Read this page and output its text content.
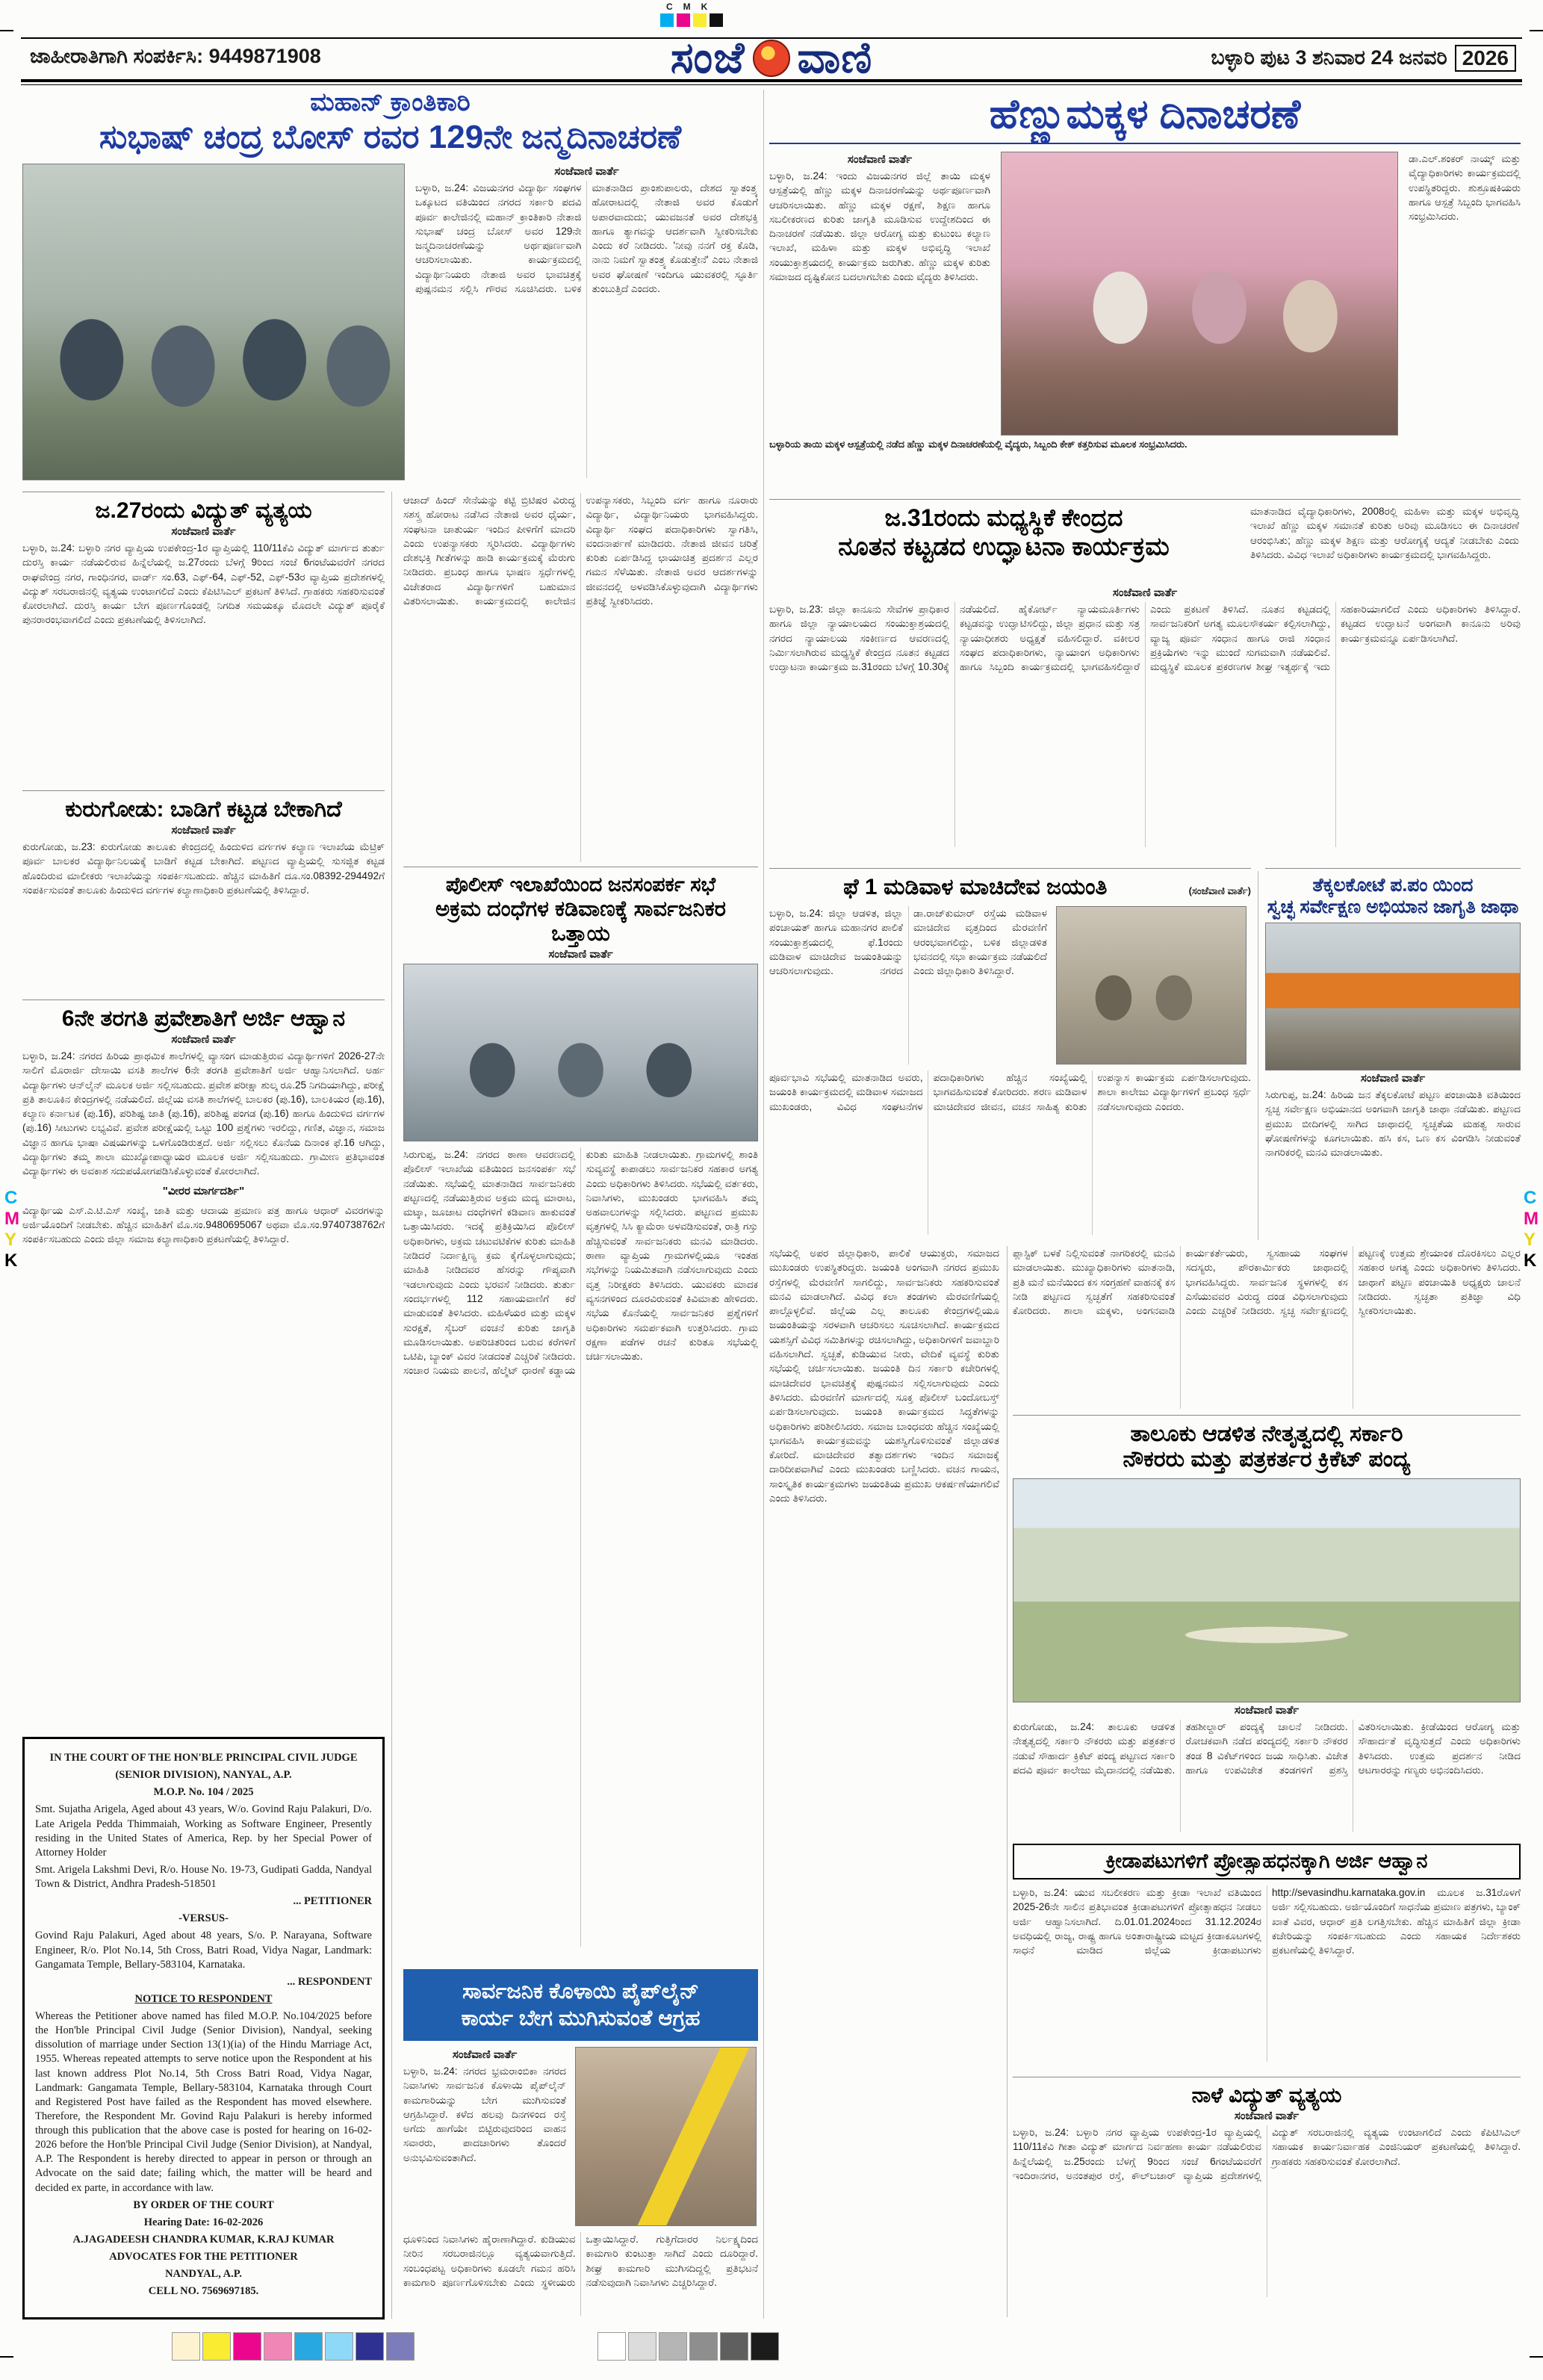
C M K
ಜಾಹೀರಾತಿಗಾಗಿ ಸಂಪರ್ಕಿಸಿ: 9449871908	ಸಂಜೆ ವಾಣಿ	ಬಳ್ಳಾರಿ ಪುಟ 3 ಶನಿವಾರ 24 ಜನವರಿ 2026
ಮಹಾನ್ ಕ್ರಾಂತಿಕಾರಿ
ಸುಭಾಷ್ ಚಂದ್ರ ಬೋಸ್ ರವರ 129ನೇ ಜನ್ಮದಿನಾಚರಣೆ
ಸಂಜೆವಾಣಿ ವಾರ್ತೆ
ಬಳ್ಳಾರಿ, ಜ.24: ವಿಜಯನಗರ ವಿದ್ಯಾರ್ಥಿ ಸಂಘಗಳ ಒಕ್ಕೂಟದ ವತಿಯಿಂದ ನಗರದ ಸರ್ಕಾರಿ ಪದವಿ ಪೂರ್ವ ಕಾಲೇಜಿನಲ್ಲಿ ಮಹಾನ್ ಕ್ರಾಂತಿಕಾರಿ ನೇತಾಜಿ ಸುಭಾಷ್ ಚಂದ್ರ ಬೋಸ್ ಅವರ 129ನೇ ಜನ್ಮದಿನಾಚರಣೆಯನ್ನು ಅರ್ಥಪೂರ್ಣವಾಗಿ ಆಚರಿಸಲಾಯಿತು. ಕಾರ್ಯಕ್ರಮದಲ್ಲಿ ವಿದ್ಯಾರ್ಥಿನಿಯರು ನೇತಾಜಿ ಅವರ ಭಾವಚಿತ್ರಕ್ಕೆ ಪುಷ್ಪನಮನ ಸಲ್ಲಿಸಿ ಗೌರವ ಸೂಚಿಸಿದರು. ಬಳಿಕ ಮಾತನಾಡಿದ ಪ್ರಾಂಶುಪಾಲರು, ದೇಶದ ಸ್ವಾತಂತ್ರ್ಯ ಹೋರಾಟದಲ್ಲಿ ನೇತಾಜಿ ಅವರ ಕೊಡುಗೆ ಅಪಾರವಾದುದು; ಯುವಜನತೆ ಅವರ ದೇಶಭಕ್ತಿ ಹಾಗೂ ತ್ಯಾಗವನ್ನು ಆದರ್ಶವಾಗಿ ಸ್ವೀಕರಿಸಬೇಕು ಎಂದು ಕರೆ ನೀಡಿದರು. 'ನೀವು ನನಗೆ ರಕ್ತ ಕೊಡಿ, ನಾನು ನಿಮಗೆ ಸ್ವಾತಂತ್ರ್ಯ ಕೊಡುತ್ತೇನೆ' ಎಂಬ ನೇತಾಜಿ ಅವರ ಘೋಷಣೆ ಇಂದಿಗೂ ಯುವಕರಲ್ಲಿ ಸ್ಫೂರ್ತಿ ತುಂಬುತ್ತಿದೆ ಎಂದರು.
ಆಜಾದ್ ಹಿಂದ್ ಸೇನೆಯನ್ನು ಕಟ್ಟಿ ಬ್ರಿಟಿಷರ ವಿರುದ್ಧ ಸಶಸ್ತ್ರ ಹೋರಾಟ ನಡೆಸಿದ ನೇತಾಜಿ ಅವರ ಧೈರ್ಯ, ಸಂಘಟನಾ ಚಾತುರ್ಯ ಇಂದಿನ ಪೀಳಿಗೆಗೆ ಮಾದರಿ ಎಂದು ಉಪನ್ಯಾಸಕರು ಸ್ಮರಿಸಿದರು. ವಿದ್ಯಾರ್ಥಿಗಳು ದೇಶಭಕ್ತಿ ಗೀತೆಗಳನ್ನು ಹಾಡಿ ಕಾರ್ಯಕ್ರಮಕ್ಕೆ ಮೆರುಗು ನೀಡಿದರು. ಪ್ರಬಂಧ ಹಾಗೂ ಭಾಷಣ ಸ್ಪರ್ಧೆಗಳಲ್ಲಿ ವಿಜೇತರಾದ ವಿದ್ಯಾರ್ಥಿಗಳಿಗೆ ಬಹುಮಾನ ವಿತರಿಸಲಾಯಿತು. ಕಾರ್ಯಕ್ರಮದಲ್ಲಿ ಕಾಲೇಜಿನ ಉಪನ್ಯಾಸಕರು, ಸಿಬ್ಬಂದಿ ವರ್ಗ ಹಾಗೂ ನೂರಾರು ವಿದ್ಯಾರ್ಥಿ, ವಿದ್ಯಾರ್ಥಿನಿಯರು ಭಾಗವಹಿಸಿದ್ದರು. ವಿದ್ಯಾರ್ಥಿ ಸಂಘದ ಪದಾಧಿಕಾರಿಗಳು ಸ್ವಾಗತಿಸಿ, ವಂದನಾರ್ಪಣೆ ಮಾಡಿದರು. ನೇತಾಜಿ ಜೀವನ ಚರಿತ್ರೆ ಕುರಿತು ಏರ್ಪಡಿಸಿದ್ದ ಛಾಯಾಚಿತ್ರ ಪ್ರದರ್ಶನ ಎಲ್ಲರ ಗಮನ ಸೆಳೆಯಿತು. ನೇತಾಜಿ ಅವರ ಆದರ್ಶಗಳನ್ನು ಜೀವನದಲ್ಲಿ ಅಳವಡಿಸಿಕೊಳ್ಳುವುದಾಗಿ ವಿದ್ಯಾರ್ಥಿಗಳು ಪ್ರತಿಜ್ಞೆ ಸ್ವೀಕರಿಸಿದರು.
ಜ.27ರಂದು ವಿದ್ಯುತ್ ವ್ಯತ್ಯಯ
ಸಂಜೆವಾಣಿ ವಾರ್ತೆ
ಬಳ್ಳಾರಿ, ಜ.24: ಬಳ್ಳಾರಿ ನಗರ ವ್ಯಾಪ್ತಿಯ ಉಪಕೇಂದ್ರ-1ರ ವ್ಯಾಪ್ತಿಯಲ್ಲಿ 110/11ಕೆವಿ ವಿದ್ಯುತ್ ಮಾರ್ಗದ ತುರ್ತು ದುರಸ್ತಿ ಕಾರ್ಯ ನಡೆಯಲಿರುವ ಹಿನ್ನೆಲೆಯಲ್ಲಿ ಜ.27ರಂದು ಬೆಳಗ್ಗೆ 9ರಿಂದ ಸಂಜೆ 6ಗಂಟೆಯವರೆಗೆ ನಗರದ ರಾಘವೇಂದ್ರ ನಗರ, ಗಾಂಧಿನಗರ, ವಾರ್ಡ್ ಸಂ.63, ಎಫ್-64, ಎಫ್-52, ಎಫ್-53ರ ವ್ಯಾಪ್ತಿಯ ಪ್ರದೇಶಗಳಲ್ಲಿ ವಿದ್ಯುತ್ ಸರಬರಾಜಿನಲ್ಲಿ ವ್ಯತ್ಯಯ ಉಂಟಾಗಲಿದೆ ಎಂದು ಕೆಪಿಟಿಸಿಎಲ್ ಪ್ರಕಟಣೆ ತಿಳಿಸಿದೆ. ಗ್ರಾಹಕರು ಸಹಕರಿಸುವಂತೆ ಕೋರಲಾಗಿದೆ. ದುರಸ್ತಿ ಕಾರ್ಯ ಬೇಗ ಪೂರ್ಣಗೊಂಡಲ್ಲಿ ನಿಗದಿತ ಸಮಯಕ್ಕೂ ಮೊದಲೇ ವಿದ್ಯುತ್ ಪೂರೈಕೆ ಪುನರಾರಂಭವಾಗಲಿದೆ ಎಂದು ಪ್ರಕಟಣೆಯಲ್ಲಿ ತಿಳಿಸಲಾಗಿದೆ.
ಕುರುಗೋಡು: ಬಾಡಿಗೆ ಕಟ್ಟಡ ಬೇಕಾಗಿದೆ
ಸಂಜೆವಾಣಿ ವಾರ್ತೆ
ಕುರುಗೋಡು, ಜ.23: ಕುರುಗೋಡು ತಾಲೂಕು ಕೇಂದ್ರದಲ್ಲಿ ಹಿಂದುಳಿದ ವರ್ಗಗಳ ಕಲ್ಯಾಣ ಇಲಾಖೆಯ ಮೆಟ್ರಿಕ್ ಪೂರ್ವ ಬಾಲಕರ ವಿದ್ಯಾರ್ಥಿನಿಲಯಕ್ಕೆ ಬಾಡಿಗೆ ಕಟ್ಟಡ ಬೇಕಾಗಿದೆ. ಪಟ್ಟಣದ ವ್ಯಾಪ್ತಿಯಲ್ಲಿ ಸುಸಜ್ಜಿತ ಕಟ್ಟಡ ಹೊಂದಿರುವ ಮಾಲೀಕರು ಇಲಾಖೆಯನ್ನು ಸಂಪರ್ಕಿಸಬಹುದು. ಹೆಚ್ಚಿನ ಮಾಹಿತಿಗೆ ದೂ.ಸಂ.08392-294492ಗೆ ಸಂಪರ್ಕಿಸುವಂತೆ ತಾಲೂಕು ಹಿಂದುಳಿದ ವರ್ಗಗಳ ಕಲ್ಯಾಣಾಧಿಕಾರಿ ಪ್ರಕಟಣೆಯಲ್ಲಿ ತಿಳಿಸಿದ್ದಾರೆ.
6ನೇ ತರಗತಿ ಪ್ರವೇಶಾತಿಗೆ ಅರ್ಜಿ ಆಹ್ವಾನ
ಸಂಜೆವಾಣಿ ವಾರ್ತೆ
ಬಳ್ಳಾರಿ, ಜ.24: ನಗರದ ಹಿರಿಯ ಪ್ರಾಥಮಿಕ ಶಾಲೆಗಳಲ್ಲಿ ವ್ಯಾಸಂಗ ಮಾಡುತ್ತಿರುವ ವಿದ್ಯಾರ್ಥಿಗಳಿಗೆ 2026-27ನೇ ಸಾಲಿಗೆ ಮೊರಾರ್ಜಿ ದೇಸಾಯಿ ವಸತಿ ಶಾಲೆಗಳ 6ನೇ ತರಗತಿ ಪ್ರವೇಶಾತಿಗೆ ಅರ್ಜಿ ಆಹ್ವಾನಿಸಲಾಗಿದೆ. ಅರ್ಹ ವಿದ್ಯಾರ್ಥಿಗಳು ಆನ್‌ಲೈನ್ ಮೂಲಕ ಅರ್ಜಿ ಸಲ್ಲಿಸಬಹುದು. ಪ್ರವೇಶ ಪರೀಕ್ಷಾ ಶುಲ್ಕ ರೂ.25 ನಿಗದಿಯಾಗಿದ್ದು, ಪರೀಕ್ಷೆ ಪ್ರತಿ ತಾಲೂಕಿನ ಕೇಂದ್ರಗಳಲ್ಲಿ ನಡೆಯಲಿದೆ. ಜಿಲ್ಲೆಯ ವಸತಿ ಶಾಲೆಗಳಲ್ಲಿ ಬಾಲಕರ (ಪು.16), ಬಾಲಕಿಯರ (ಪು.16), ಕಲ್ಯಾಣ ಕರ್ನಾಟಕ (ಪು.16), ಪರಿಶಿಷ್ಟ ಜಾತಿ (ಪು.16), ಪರಿಶಿಷ್ಟ ಪಂಗಡ (ಪು.16) ಹಾಗೂ ಹಿಂದುಳಿದ ವರ್ಗಗಳ (ಪು.16) ಸೀಟುಗಳು ಲಭ್ಯವಿವೆ. ಪ್ರವೇಶ ಪರೀಕ್ಷೆಯಲ್ಲಿ ಒಟ್ಟು 100 ಪ್ರಶ್ನೆಗಳು ಇರಲಿದ್ದು, ಗಣಿತ, ವಿಜ್ಞಾನ, ಸಮಾಜ ವಿಜ್ಞಾನ ಹಾಗೂ ಭಾಷಾ ವಿಷಯಗಳನ್ನು ಒಳಗೊಂಡಿರುತ್ತದೆ. ಅರ್ಜಿ ಸಲ್ಲಿಸಲು ಕೊನೆಯ ದಿನಾಂಕ ಫೆ.16 ಆಗಿದ್ದು, ವಿದ್ಯಾರ್ಥಿಗಳು ತಮ್ಮ ಶಾಲಾ ಮುಖ್ಯೋಪಾಧ್ಯಾಯರ ಮೂಲಕ ಅರ್ಜಿ ಸಲ್ಲಿಸಬಹುದು. ಗ್ರಾಮೀಣ ಪ್ರತಿಭಾವಂತ ವಿದ್ಯಾರ್ಥಿಗಳು ಈ ಅವಕಾಶ ಸದುಪಯೋಗಪಡಿಸಿಕೊಳ್ಳುವಂತೆ ಕೋರಲಾಗಿದೆ.
"ವೀರರ ಮಾರ್ಗದರ್ಶಿ"
ವಿದ್ಯಾರ್ಥಿಯ ಎಸ್.ಎ.ಟಿ.ಎಸ್ ಸಂಖ್ಯೆ, ಜಾತಿ ಮತ್ತು ಆದಾಯ ಪ್ರಮಾಣ ಪತ್ರ ಹಾಗೂ ಆಧಾರ್ ವಿವರಗಳನ್ನು ಅರ್ಜಿಯೊಂದಿಗೆ ನೀಡಬೇಕು. ಹೆಚ್ಚಿನ ಮಾಹಿತಿಗೆ ಮೊ.ಸಂ.9480695067 ಅಥವಾ ಮೊ.ಸಂ.9740738762ಗೆ ಸಂಪರ್ಕಿಸಬಹುದು ಎಂದು ಜಿಲ್ಲಾ ಸಮಾಜ ಕಲ್ಯಾಣಾಧಿಕಾರಿ ಪ್ರಕಟಣೆಯಲ್ಲಿ ತಿಳಿಸಿದ್ದಾರೆ.

IN THE COURT OF THE HON'BLE PRINCIPAL CIVIL JUDGE

(SENIOR DIVISION), NANYAL, A.P.

M.O.P. No. 104 / 2025

Smt. Sujatha Arigela, Aged about 43 years, W/o. Govind Raju Palakuri, D/o. Late Arigela Pedda Thimmaiah, Working as Software Engineer, Presently residing in the United States of America, Rep. by her Special Power of Attorney Holder

Smt. Arigela Lakshmi Devi, R/o. House No. 19-73, Gudipati Gadda, Nandyal Town & District, Andhra Pradesh-518501

... PETITIONER

-VERSUS-

Govind Raju Palakuri, Aged about 48 years, S/o. P. Narayana, Software Engineer, R/o. Plot No.14, 5th Cross, Batri Road, Vidya Nagar, Landmark: Gangamata Temple, Bellary-583104, Karnataka.

... RESPONDENT

NOTICE TO RESPONDENT

Whereas the Petitioner above named has filed M.O.P. No.104/2025 before the Hon'ble Principal Civil Judge (Senior Division), Nandyal, seeking dissolution of marriage under Section 13(1)(ia) of the Hindu Marriage Act, 1955. Whereas repeated attempts to serve notice upon the Respondent at his last known address Plot No.14, 5th Cross Batri Road, Vidya Nagar, Landmark: Gangamata Temple, Bellary-583104, Karnataka through Court and Registered Post have failed as the Respondent has moved elsewhere. Therefore, the Respondent Mr. Govind Raju Palakuri is hereby informed through this publication that the above case is posted for hearing on 16-02-2026 before the Hon'ble Principal Civil Judge (Senior Division), at Nandyal, A.P. The Respondent is hereby directed to appear in person or through an Advocate on the said date; failing which, the matter will be heard and decided ex parte, in accordance with law.

BY ORDER OF THE COURT

Hearing Date: 16-02-2026

A.JAGADEESH CHANDRA KUMAR, K.RAJ KUMAR

ADVOCATES FOR THE PETITIONER

NANDYAL, A.P.

CELL NO. 7569697185.

ಪೊಲೀಸ್ ಇಲಾಖೆಯಿಂದ ಜನಸಂಪರ್ಕ ಸಭೆ
ಅಕ್ರಮ ದಂಧೆಗಳ ಕಡಿವಾಣಕ್ಕೆ ಸಾರ್ವಜನಿಕರ ಒತ್ತಾಯ
ಸಂಜೆವಾಣಿ ವಾರ್ತೆ
ಸಿರುಗುಪ್ಪ, ಜ.24: ನಗರದ ಠಾಣಾ ಆವರಣದಲ್ಲಿ ಪೊಲೀಸ್ ಇಲಾಖೆಯ ವತಿಯಿಂದ ಜನಸಂಪರ್ಕ ಸಭೆ ನಡೆಯಿತು. ಸಭೆಯಲ್ಲಿ ಮಾತನಾಡಿದ ಸಾರ್ವಜನಿಕರು ಪಟ್ಟಣದಲ್ಲಿ ನಡೆಯುತ್ತಿರುವ ಅಕ್ರಮ ಮದ್ಯ ಮಾರಾಟ, ಮಟ್ಕಾ, ಜೂಜಾಟ ದಂಧೆಗಳಿಗೆ ಕಡಿವಾಣ ಹಾಕುವಂತೆ ಒತ್ತಾಯಿಸಿದರು. ಇದಕ್ಕೆ ಪ್ರತಿಕ್ರಿಯಿಸಿದ ಪೊಲೀಸ್ ಅಧಿಕಾರಿಗಳು, ಅಕ್ರಮ ಚಟುವಟಿಕೆಗಳ ಕುರಿತು ಮಾಹಿತಿ ನೀಡಿದರೆ ನಿರ್ದಾಕ್ಷಿಣ್ಯ ಕ್ರಮ ಕೈಗೊಳ್ಳಲಾಗುವುದು; ಮಾಹಿತಿ ನೀಡಿದವರ ಹೆಸರನ್ನು ಗೌಪ್ಯವಾಗಿ ಇಡಲಾಗುವುದು ಎಂದು ಭರವಸೆ ನೀಡಿದರು. ತುರ್ತು ಸಂದರ್ಭಗಳಲ್ಲಿ 112 ಸಹಾಯವಾಣಿಗೆ ಕರೆ ಮಾಡುವಂತೆ ತಿಳಿಸಿದರು. ಮಹಿಳೆಯರ ಮತ್ತು ಮಕ್ಕಳ ಸುರಕ್ಷತೆ, ಸೈಬರ್ ವಂಚನೆ ಕುರಿತು ಜಾಗೃತಿ ಮೂಡಿಸಲಾಯಿತು. ಅಪರಿಚಿತರಿಂದ ಬರುವ ಕರೆಗಳಿಗೆ ಒಟಿಪಿ, ಬ್ಯಾಂಕ್ ವಿವರ ನೀಡದಂತೆ ಎಚ್ಚರಿಕೆ ನೀಡಿದರು. ಸಂಚಾರ ನಿಯಮ ಪಾಲನೆ, ಹೆಲ್ಮೆಟ್ ಧಾರಣೆ ಕಡ್ಡಾಯ ಕುರಿತು ಮಾಹಿತಿ ನೀಡಲಾಯಿತು. ಗ್ರಾಮಗಳಲ್ಲಿ ಶಾಂತಿ ಸುವ್ಯವಸ್ಥೆ ಕಾಪಾಡಲು ಸಾರ್ವಜನಿಕರ ಸಹಕಾರ ಅಗತ್ಯ ಎಂದು ಅಧಿಕಾರಿಗಳು ತಿಳಿಸಿದರು. ಸಭೆಯಲ್ಲಿ ವರ್ತಕರು, ನಿವಾಸಿಗಳು, ಮುಖಂಡರು ಭಾಗವಹಿಸಿ ತಮ್ಮ ಅಹವಾಲುಗಳನ್ನು ಸಲ್ಲಿಸಿದರು. ಪಟ್ಟಣದ ಪ್ರಮುಖ ವೃತ್ತಗಳಲ್ಲಿ ಸಿಸಿ ಕ್ಯಾಮೆರಾ ಅಳವಡಿಸುವಂತೆ, ರಾತ್ರಿ ಗಸ್ತು ಹೆಚ್ಚಿಸುವಂತೆ ಸಾರ್ವಜನಿಕರು ಮನವಿ ಮಾಡಿದರು. ಠಾಣಾ ವ್ಯಾಪ್ತಿಯ ಗ್ರಾಮಗಳಲ್ಲಿಯೂ ಇಂತಹ ಸಭೆಗಳನ್ನು ನಿಯಮಿತವಾಗಿ ನಡೆಸಲಾಗುವುದು ಎಂದು ವೃತ್ತ ನಿರೀಕ್ಷಕರು ತಿಳಿಸಿದರು. ಯುವಕರು ಮಾದಕ ವ್ಯಸನಗಳಿಂದ ದೂರವಿರುವಂತೆ ಕಿವಿಮಾತು ಹೇಳಿದರು. ಸಭೆಯ ಕೊನೆಯಲ್ಲಿ ಸಾರ್ವಜನಿಕರ ಪ್ರಶ್ನೆಗಳಿಗೆ ಅಧಿಕಾರಿಗಳು ಸಮರ್ಪಕವಾಗಿ ಉತ್ತರಿಸಿದರು. ಗ್ರಾಮ ರಕ್ಷಣಾ ಪಡೆಗಳ ರಚನೆ ಕುರಿತೂ ಸಭೆಯಲ್ಲಿ ಚರ್ಚಿಸಲಾಯಿತು.
ಸಾರ್ವಜನಿಕ ಕೊಳಾಯಿ ಪೈಪ್‌ಲೈನ್
ಕಾರ್ಯ ಬೇಗ ಮುಗಿಸುವಂತೆ ಆಗ್ರಹ
ಸಂಜೆವಾಣಿ ವಾರ್ತೆ
ಬಳ್ಳಾರಿ, ಜ.24: ನಗರದ ಭ್ರಮರಾಂಬಿಕಾ ನಗರದ ನಿವಾಸಿಗಳು ಸಾರ್ವಜನಿಕ ಕೊಳಾಯಿ ಪೈಪ್‌ಲೈನ್ ಕಾಮಗಾರಿಯನ್ನು ಬೇಗ ಮುಗಿಸುವಂತೆ ಆಗ್ರಹಿಸಿದ್ದಾರೆ. ಕಳೆದ ಹಲವು ದಿನಗಳಿಂದ ರಸ್ತೆ ಅಗೆದು ಹಾಗೆಯೇ ಬಿಟ್ಟಿರುವುದರಿಂದ ವಾಹನ ಸವಾರರು, ಪಾದಚಾರಿಗಳು ತೊಂದರೆ ಅನುಭವಿಸುವಂತಾಗಿದೆ.
ಧೂಳಿನಿಂದ ನಿವಾಸಿಗಳು ಹೈರಾಣಾಗಿದ್ದಾರೆ. ಕುಡಿಯುವ ನೀರಿನ ಸರಬರಾಜಿನಲ್ಲೂ ವ್ಯತ್ಯಯವಾಗುತ್ತಿದೆ. ಸಂಬಂಧಪಟ್ಟ ಅಧಿಕಾರಿಗಳು ಕೂಡಲೇ ಗಮನ ಹರಿಸಿ ಕಾಮಗಾರಿ ಪೂರ್ಣಗೊಳಿಸಬೇಕು ಎಂದು ಸ್ಥಳೀಯರು ಒತ್ತಾಯಿಸಿದ್ದಾರೆ. ಗುತ್ತಿಗೆದಾರರ ನಿರ್ಲಕ್ಷ್ಯದಿಂದ ಕಾಮಗಾರಿ ಕುಂಟುತ್ತಾ ಸಾಗಿದೆ ಎಂದು ದೂರಿದ್ದಾರೆ. ಶೀಘ್ರ ಕಾಮಗಾರಿ ಮುಗಿಸದಿದ್ದಲ್ಲಿ ಪ್ರತಿಭಟನೆ ನಡೆಸುವುದಾಗಿ ನಿವಾಸಿಗಳು ಎಚ್ಚರಿಸಿದ್ದಾರೆ.
ಹೆಣ್ಣುಮಕ್ಕಳ ದಿನಾಚರಣೆ
ಸಂಜೆವಾಣಿ ವಾರ್ತೆ
ಬಳ್ಳಾರಿ, ಜ.24: ಇಂದು ವಿಜಯನಗರ ಜಿಲ್ಲೆ ತಾಯಿ ಮಕ್ಕಳ ಆಸ್ಪತ್ರೆಯಲ್ಲಿ ಹೆಣ್ಣು ಮಕ್ಕಳ ದಿನಾಚರಣೆಯನ್ನು ಅರ್ಥಪೂರ್ಣವಾಗಿ ಆಚರಿಸಲಾಯಿತು. ಹೆಣ್ಣು ಮಕ್ಕಳ ರಕ್ಷಣೆ, ಶಿಕ್ಷಣ ಹಾಗೂ ಸಬಲೀಕರಣದ ಕುರಿತು ಜಾಗೃತಿ ಮೂಡಿಸುವ ಉದ್ದೇಶದಿಂದ ಈ ದಿನಾಚರಣೆ ನಡೆಯಿತು. ಜಿಲ್ಲಾ ಆರೋಗ್ಯ ಮತ್ತು ಕುಟುಂಬ ಕಲ್ಯಾಣ ಇಲಾಖೆ, ಮಹಿಳಾ ಮತ್ತು ಮಕ್ಕಳ ಅಭಿವೃದ್ಧಿ ಇಲಾಖೆ ಸಂಯುಕ್ತಾಶ್ರಯದಲ್ಲಿ ಕಾರ್ಯಕ್ರಮ ಜರುಗಿತು. ಹೆಣ್ಣು ಮಕ್ಕಳ ಕುರಿತು ಸಮಾಜದ ದೃಷ್ಟಿಕೋನ ಬದಲಾಗಬೇಕು ಎಂದು ವೈದ್ಯರು ತಿಳಿಸಿದರು.
ಡಾ.ಎಲ್.ಶಂಕರ್ ನಾಯ್ಕ್ ಮತ್ತು ವೈದ್ಯಾಧಿಕಾರಿಗಳು ಕಾರ್ಯಕ್ರಮದಲ್ಲಿ ಉಪಸ್ಥಿತರಿದ್ದರು. ಶುಶ್ರೂಷಕಿಯರು ಹಾಗೂ ಆಸ್ಪತ್ರೆ ಸಿಬ್ಬಂದಿ ಭಾಗವಹಿಸಿ ಸಂಭ್ರಮಿಸಿದರು.
ಬಳ್ಳಾರಿಯ ತಾಯಿ ಮಕ್ಕಳ ಆಸ್ಪತ್ರೆಯಲ್ಲಿ ನಡೆದ ಹೆಣ್ಣು ಮಕ್ಕಳ ದಿನಾಚರಣೆಯಲ್ಲಿ ವೈದ್ಯರು, ಸಿಬ್ಬಂದಿ ಕೇಕ್ ಕತ್ತರಿಸುವ ಮೂಲಕ ಸಂಭ್ರಮಿಸಿದರು.
ಜ.31ರಂದು ಮಧ್ಯಸ್ಥಿಕೆ ಕೇಂದ್ರದ
ನೂತನ ಕಟ್ಟಡದ ಉದ್ಘಾಟನಾ ಕಾರ್ಯಕ್ರಮ
ಮಾತನಾಡಿದ ವೈದ್ಯಾಧಿಕಾರಿಗಳು, 2008ರಲ್ಲಿ ಮಹಿಳಾ ಮತ್ತು ಮಕ್ಕಳ ಅಭಿವೃದ್ಧಿ ಇಲಾಖೆ ಹೆಣ್ಣು ಮಕ್ಕಳ ಸಮಾನತೆ ಕುರಿತು ಅರಿವು ಮೂಡಿಸಲು ಈ ದಿನಾಚರಣೆ ಆರಂಭಿಸಿತು; ಹೆಣ್ಣು ಮಕ್ಕಳ ಶಿಕ್ಷಣ ಮತ್ತು ಆರೋಗ್ಯಕ್ಕೆ ಆದ್ಯತೆ ನೀಡಬೇಕು ಎಂದು ತಿಳಿಸಿದರು. ವಿವಿಧ ಇಲಾಖೆ ಅಧಿಕಾರಿಗಳು ಕಾರ್ಯಕ್ರಮದಲ್ಲಿ ಭಾಗವಹಿಸಿದ್ದರು.
ಸಂಜೆವಾಣಿ ವಾರ್ತೆ
ಬಳ್ಳಾರಿ, ಜ.23: ಜಿಲ್ಲಾ ಕಾನೂನು ಸೇವೆಗಳ ಪ್ರಾಧಿಕಾರ ಹಾಗೂ ಜಿಲ್ಲಾ ನ್ಯಾಯಾಲಯದ ಸಂಯುಕ್ತಾಶ್ರಯದಲ್ಲಿ ನಗರದ ನ್ಯಾಯಾಲಯ ಸಂಕೀರ್ಣದ ಆವರಣದಲ್ಲಿ ನಿರ್ಮಿಸಲಾಗಿರುವ ಮಧ್ಯಸ್ಥಿಕೆ ಕೇಂದ್ರದ ನೂತನ ಕಟ್ಟಡದ ಉದ್ಘಾಟನಾ ಕಾರ್ಯಕ್ರಮ ಜ.31ರಂದು ಬೆಳಗ್ಗೆ 10.30ಕ್ಕೆ ನಡೆಯಲಿದೆ. ಹೈಕೋರ್ಟ್ ನ್ಯಾಯಮೂರ್ತಿಗಳು ಕಟ್ಟಡವನ್ನು ಉದ್ಘಾಟಿಸಲಿದ್ದು, ಜಿಲ್ಲಾ ಪ್ರಧಾನ ಮತ್ತು ಸತ್ರ ನ್ಯಾಯಾಧೀಶರು ಅಧ್ಯಕ್ಷತೆ ವಹಿಸಲಿದ್ದಾರೆ. ವಕೀಲರ ಸಂಘದ ಪದಾಧಿಕಾರಿಗಳು, ನ್ಯಾಯಾಂಗ ಅಧಿಕಾರಿಗಳು ಹಾಗೂ ಸಿಬ್ಬಂದಿ ಕಾರ್ಯಕ್ರಮದಲ್ಲಿ ಭಾಗವಹಿಸಲಿದ್ದಾರೆ ಎಂದು ಪ್ರಕಟಣೆ ತಿಳಿಸಿದೆ. ನೂತನ ಕಟ್ಟಡದಲ್ಲಿ ಸಾರ್ವಜನಿಕರಿಗೆ ಅಗತ್ಯ ಮೂಲಸೌಕರ್ಯ ಕಲ್ಪಿಸಲಾಗಿದ್ದು, ವ್ಯಾಜ್ಯ ಪೂರ್ವ ಸಂಧಾನ ಹಾಗೂ ರಾಜಿ ಸಂಧಾನ ಪ್ರಕ್ರಿಯೆಗಳು ಇನ್ನು ಮುಂದೆ ಸುಗಮವಾಗಿ ನಡೆಯಲಿವೆ. ಮಧ್ಯಸ್ಥಿಕೆ ಮೂಲಕ ಪ್ರಕರಣಗಳ ಶೀಘ್ರ ಇತ್ಯರ್ಥಕ್ಕೆ ಇದು ಸಹಕಾರಿಯಾಗಲಿದೆ ಎಂದು ಅಧಿಕಾರಿಗಳು ತಿಳಿಸಿದ್ದಾರೆ. ಕಟ್ಟಡದ ಉದ್ಘಾಟನೆ ಅಂಗವಾಗಿ ಕಾನೂನು ಅರಿವು ಕಾರ್ಯಕ್ರಮವನ್ನೂ ಏರ್ಪಡಿಸಲಾಗಿದೆ.
ಫೆ 1 ಮಡಿವಾಳ ಮಾಚಿದೇವ ಜಯಂತಿ	(ಸಂಜೆವಾಣಿ ವಾರ್ತೆ)
ಬಳ್ಳಾರಿ, ಜ.24: ಜಿಲ್ಲಾ ಆಡಳಿತ, ಜಿಲ್ಲಾ ಪಂಚಾಯತ್ ಹಾಗೂ ಮಹಾನಗರ ಪಾಲಿಕೆ ಸಂಯುಕ್ತಾಶ್ರಯದಲ್ಲಿ ಫೆ.1ರಂದು ಮಡಿವಾಳ ಮಾಚಿದೇವ ಜಯಂತಿಯನ್ನು ಆಚರಿಸಲಾಗುವುದು. ನಗರದ ಡಾ.ರಾಜ್‌ಕುಮಾರ್ ರಸ್ತೆಯ ಮಡಿವಾಳ ಮಾಚಿದೇವ ವೃತ್ತದಿಂದ ಮೆರವಣಿಗೆ ಆರಂಭವಾಗಲಿದ್ದು, ಬಳಿಕ ಜಿಲ್ಲಾಡಳಿತ ಭವನದಲ್ಲಿ ಸಭಾ ಕಾರ್ಯಕ್ರಮ ನಡೆಯಲಿದೆ ಎಂದು ಜಿಲ್ಲಾಧಿಕಾರಿ ತಿಳಿಸಿದ್ದಾರೆ.
ಪೂರ್ವಭಾವಿ ಸಭೆಯಲ್ಲಿ ಮಾತನಾಡಿದ ಅವರು, ಜಯಂತಿ ಕಾರ್ಯಕ್ರಮದಲ್ಲಿ ಮಡಿವಾಳ ಸಮಾಜದ ಮುಖಂಡರು, ವಿವಿಧ ಸಂಘಟನೆಗಳ ಪದಾಧಿಕಾರಿಗಳು ಹೆಚ್ಚಿನ ಸಂಖ್ಯೆಯಲ್ಲಿ ಭಾಗವಹಿಸುವಂತೆ ಕೋರಿದರು. ಶರಣ ಮಡಿವಾಳ ಮಾಚಿದೇವರ ಜೀವನ, ವಚನ ಸಾಹಿತ್ಯ ಕುರಿತು ಉಪನ್ಯಾಸ ಕಾರ್ಯಕ್ರಮ ಏರ್ಪಡಿಸಲಾಗುವುದು. ಶಾಲಾ ಕಾಲೇಜು ವಿದ್ಯಾರ್ಥಿಗಳಿಗೆ ಪ್ರಬಂಧ ಸ್ಪರ್ಧೆ ನಡೆಸಲಾಗುವುದು ಎಂದರು.
ತೆಕ್ಕಲಕೋಟೆ ಪ.ಪಂ ಯಿಂದ
ಸ್ವಚ್ಛ ಸರ್ವೇಕ್ಷಣ ಅಭಿಯಾನ ಜಾಗೃತಿ ಜಾಥಾ
ಸಂಜೆವಾಣಿ ವಾರ್ತೆ
ಸಿರುಗುಪ್ಪ, ಜ.24: ಹಿರಿಯ ಜನ ತೆಕ್ಕಲಕೋಟೆ ಪಟ್ಟಣ ಪಂಚಾಯಿತಿ ವತಿಯಿಂದ ಸ್ವಚ್ಛ ಸರ್ವೇಕ್ಷಣ ಅಭಿಯಾನದ ಅಂಗವಾಗಿ ಜಾಗೃತಿ ಜಾಥಾ ನಡೆಯಿತು. ಪಟ್ಟಣದ ಪ್ರಮುಖ ಬೀದಿಗಳಲ್ಲಿ ಸಾಗಿದ ಜಾಥಾದಲ್ಲಿ ಸ್ವಚ್ಛತೆಯ ಮಹತ್ವ ಸಾರುವ ಘೋಷಣೆಗಳನ್ನು ಕೂಗಲಾಯಿತು. ಹಸಿ ಕಸ, ಒಣ ಕಸ ವಿಂಗಡಿಸಿ ನೀಡುವಂತೆ ನಾಗರಿಕರಲ್ಲಿ ಮನವಿ ಮಾಡಲಾಯಿತು.
ಸಭೆಯಲ್ಲಿ ಅಪರ ಜಿಲ್ಲಾಧಿಕಾರಿ, ಪಾಲಿಕೆ ಆಯುಕ್ತರು, ಸಮಾಜದ ಮುಖಂಡರು ಉಪಸ್ಥಿತರಿದ್ದರು. ಜಯಂತಿ ಅಂಗವಾಗಿ ನಗರದ ಪ್ರಮುಖ ರಸ್ತೆಗಳಲ್ಲಿ ಮೆರವಣಿಗೆ ಸಾಗಲಿದ್ದು, ಸಾರ್ವಜನಿಕರು ಸಹಕರಿಸುವಂತೆ ಮನವಿ ಮಾಡಲಾಗಿದೆ. ವಿವಿಧ ಕಲಾ ತಂಡಗಳು ಮೆರವಣಿಗೆಯಲ್ಲಿ ಪಾಲ್ಗೊಳ್ಳಲಿವೆ. ಜಿಲ್ಲೆಯ ಎಲ್ಲ ತಾಲೂಕು ಕೇಂದ್ರಗಳಲ್ಲಿಯೂ ಜಯಂತಿಯನ್ನು ಸರಳವಾಗಿ ಆಚರಿಸಲು ಸೂಚಿಸಲಾಗಿದೆ. ಕಾರ್ಯಕ್ರಮದ ಯಶಸ್ಸಿಗೆ ವಿವಿಧ ಸಮಿತಿಗಳನ್ನು ರಚಿಸಲಾಗಿದ್ದು, ಅಧಿಕಾರಿಗಳಿಗೆ ಜವಾಬ್ದಾರಿ ವಹಿಸಲಾಗಿದೆ. ಸ್ವಚ್ಛತೆ, ಕುಡಿಯುವ ನೀರು, ವೇದಿಕೆ ವ್ಯವಸ್ಥೆ ಕುರಿತು ಸಭೆಯಲ್ಲಿ ಚರ್ಚಿಸಲಾಯಿತು. ಜಯಂತಿ ದಿನ ಸರ್ಕಾರಿ ಕಚೇರಿಗಳಲ್ಲಿ ಮಾಚಿದೇವರ ಭಾವಚಿತ್ರಕ್ಕೆ ಪುಷ್ಪನಮನ ಸಲ್ಲಿಸಲಾಗುವುದು ಎಂದು ತಿಳಿಸಿದರು. ಮೆರವಣಿಗೆ ಮಾರ್ಗದಲ್ಲಿ ಸೂಕ್ತ ಪೊಲೀಸ್ ಬಂದೋಬಸ್ತ್ ಏರ್ಪಡಿಸಲಾಗುವುದು. ಜಯಂತಿ ಕಾರ್ಯಕ್ರಮದ ಸಿದ್ಧತೆಗಳನ್ನು ಅಧಿಕಾರಿಗಳು ಪರಿಶೀಲಿಸಿದರು. ಸಮಾಜ ಬಾಂಧವರು ಹೆಚ್ಚಿನ ಸಂಖ್ಯೆಯಲ್ಲಿ ಭಾಗವಹಿಸಿ ಕಾರ್ಯಕ್ರಮವನ್ನು ಯಶಸ್ವಿಗೊಳಿಸುವಂತೆ ಜಿಲ್ಲಾಡಳಿತ ಕೋರಿದೆ. ಮಾಚಿದೇವರ ತತ್ವಾದರ್ಶಗಳು ಇಂದಿನ ಸಮಾಜಕ್ಕೆ ದಾರಿದೀಪವಾಗಿವೆ ಎಂದು ಮುಖಂಡರು ಬಣ್ಣಿಸಿದರು. ವಚನ ಗಾಯನ, ಸಾಂಸ್ಕೃತಿಕ ಕಾರ್ಯಕ್ರಮಗಳು ಜಯಂತಿಯ ಪ್ರಮುಖ ಆಕರ್ಷಣೆಯಾಗಲಿವೆ ಎಂದು ತಿಳಿಸಿದರು.
ಪ್ಲಾಸ್ಟಿಕ್ ಬಳಕೆ ನಿಲ್ಲಿಸುವಂತೆ ನಾಗರಿಕರಲ್ಲಿ ಮನವಿ ಮಾಡಲಾಯಿತು. ಮುಖ್ಯಾಧಿಕಾರಿಗಳು ಮಾತನಾಡಿ, ಪ್ರತಿ ಮನೆ ಮನೆಯಿಂದ ಕಸ ಸಂಗ್ರಹಣೆ ವಾಹನಕ್ಕೆ ಕಸ ನೀಡಿ ಪಟ್ಟಣದ ಸ್ವಚ್ಛತೆಗೆ ಸಹಕರಿಸುವಂತೆ ಕೋರಿದರು. ಶಾಲಾ ಮಕ್ಕಳು, ಅಂಗನವಾಡಿ ಕಾರ್ಯಕರ್ತೆಯರು, ಸ್ವಸಹಾಯ ಸಂಘಗಳ ಸದಸ್ಯರು, ಪೌರಕಾರ್ಮಿಕರು ಜಾಥಾದಲ್ಲಿ ಭಾಗವಹಿಸಿದ್ದರು. ಸಾರ್ವಜನಿಕ ಸ್ಥಳಗಳಲ್ಲಿ ಕಸ ಎಸೆಯುವವರ ವಿರುದ್ಧ ದಂಡ ವಿಧಿಸಲಾಗುವುದು ಎಂದು ಎಚ್ಚರಿಕೆ ನೀಡಿದರು. ಸ್ವಚ್ಛ ಸರ್ವೇಕ್ಷಣದಲ್ಲಿ ಪಟ್ಟಣಕ್ಕೆ ಉತ್ತಮ ಶ್ರೇಯಾಂಕ ದೊರಕಿಸಲು ಎಲ್ಲರ ಸಹಕಾರ ಅಗತ್ಯ ಎಂದು ಅಧಿಕಾರಿಗಳು ತಿಳಿಸಿದರು. ಜಾಥಾಗೆ ಪಟ್ಟಣ ಪಂಚಾಯಿತಿ ಅಧ್ಯಕ್ಷರು ಚಾಲನೆ ನೀಡಿದರು. ಸ್ವಚ್ಛತಾ ಪ್ರತಿಜ್ಞಾ ವಿಧಿ ಸ್ವೀಕರಿಸಲಾಯಿತು.
ತಾಲೂಕು ಆಡಳಿತ ನೇತೃತ್ವದಲ್ಲಿ ಸರ್ಕಾರಿ
ನೌಕರರು ಮತ್ತು ಪತ್ರಕರ್ತರ ಕ್ರಿಕೆಟ್ ಪಂದ್ಯ
ಸಂಜೆವಾಣಿ ವಾರ್ತೆ
ಕುರುಗೋಡು, ಜ.24: ತಾಲೂಕು ಆಡಳಿತ ನೇತೃತ್ವದಲ್ಲಿ ಸರ್ಕಾರಿ ನೌಕರರು ಮತ್ತು ಪತ್ರಕರ್ತರ ನಡುವೆ ಸೌಹಾರ್ದ ಕ್ರಿಕೆಟ್ ಪಂದ್ಯ ಪಟ್ಟಣದ ಸರ್ಕಾರಿ ಪದವಿ ಪೂರ್ವ ಕಾಲೇಜು ಮೈದಾನದಲ್ಲಿ ನಡೆಯಿತು. ತಹಶೀಲ್ದಾರ್ ಪಂದ್ಯಕ್ಕೆ ಚಾಲನೆ ನೀಡಿದರು. ರೋಚಕವಾಗಿ ನಡೆದ ಪಂದ್ಯದಲ್ಲಿ ಸರ್ಕಾರಿ ನೌಕರರ ತಂಡ 8 ವಿಕೆಟ್‌ಗಳಿಂದ ಜಯ ಸಾಧಿಸಿತು. ವಿಜೇತ ಹಾಗೂ ಉಪವಿಜೇತ ತಂಡಗಳಿಗೆ ಪ್ರಶಸ್ತಿ ವಿತರಿಸಲಾಯಿತು. ಕ್ರೀಡೆಯಿಂದ ಆರೋಗ್ಯ ಮತ್ತು ಸೌಹಾರ್ದತೆ ವೃದ್ಧಿಸುತ್ತದೆ ಎಂದು ಅಧಿಕಾರಿಗಳು ತಿಳಿಸಿದರು. ಉತ್ತಮ ಪ್ರದರ್ಶನ ನೀಡಿದ ಆಟಗಾರರನ್ನು ಗಣ್ಯರು ಅಭಿನಂದಿಸಿದರು.
ಕ್ರೀಡಾಪಟುಗಳಿಗೆ ಪ್ರೋತ್ಸಾಹಧನಕ್ಕಾಗಿ ಅರ್ಜಿ ಆಹ್ವಾನ
ಬಳ್ಳಾರಿ, ಜ.24: ಯುವ ಸಬಲೀಕರಣ ಮತ್ತು ಕ್ರೀಡಾ ಇಲಾಖೆ ವತಿಯಿಂದ 2025-26ನೇ ಸಾಲಿನ ಪ್ರತಿಭಾವಂತ ಕ್ರೀಡಾಪಟುಗಳಿಗೆ ಪ್ರೋತ್ಸಾಹಧನ ನೀಡಲು ಅರ್ಜಿ ಆಹ್ವಾನಿಸಲಾಗಿದೆ. ದಿ.01.01.2024ರಿಂದ 31.12.2024ರ ಅವಧಿಯಲ್ಲಿ ರಾಜ್ಯ, ರಾಷ್ಟ್ರ ಹಾಗೂ ಅಂತಾರಾಷ್ಟ್ರೀಯ ಮಟ್ಟದ ಕ್ರೀಡಾಕೂಟಗಳಲ್ಲಿ ಸಾಧನೆ ಮಾಡಿದ ಜಿಲ್ಲೆಯ ಕ್ರೀಡಾಪಟುಗಳು http://sevasindhu.karnataka.gov.in ಮೂಲಕ ಜ.31ರೊಳಗೆ ಅರ್ಜಿ ಸಲ್ಲಿಸಬಹುದು. ಅರ್ಜಿಯೊಂದಿಗೆ ಸಾಧನೆಯ ಪ್ರಮಾಣ ಪತ್ರಗಳು, ಬ್ಯಾಂಕ್ ಖಾತೆ ವಿವರ, ಆಧಾರ್ ಪ್ರತಿ ಲಗತ್ತಿಸಬೇಕು. ಹೆಚ್ಚಿನ ಮಾಹಿತಿಗೆ ಜಿಲ್ಲಾ ಕ್ರೀಡಾ ಕಚೇರಿಯನ್ನು ಸಂಪರ್ಕಿಸಬಹುದು ಎಂದು ಸಹಾಯಕ ನಿರ್ದೇಶಕರು ಪ್ರಕಟಣೆಯಲ್ಲಿ ತಿಳಿಸಿದ್ದಾರೆ.
ನಾಳೆ ವಿದ್ಯುತ್ ವ್ಯತ್ಯಯ
ಸಂಜೆವಾಣಿ ವಾರ್ತೆ
ಬಳ್ಳಾರಿ, ಜ.24: ಬಳ್ಳಾರಿ ನಗರ ವ್ಯಾಪ್ತಿಯ ಉಪಕೇಂದ್ರ-1ರ ವ್ಯಾಪ್ತಿಯಲ್ಲಿ 110/11ಕೆವಿ ಗೀತಾ ವಿದ್ಯುತ್ ಮಾರ್ಗದ ನಿರ್ವಹಣಾ ಕಾರ್ಯ ನಡೆಯಲಿರುವ ಹಿನ್ನೆಲೆಯಲ್ಲಿ ಜ.25ರಂದು ಬೆಳಗ್ಗೆ 9ರಿಂದ ಸಂಜೆ 6ಗಂಟೆಯವರೆಗೆ ಇಂದಿರಾನಗರ, ಅನಂತಪುರ ರಸ್ತೆ, ಕೌಲ್‌ಬಜಾರ್ ವ್ಯಾಪ್ತಿಯ ಪ್ರದೇಶಗಳಲ್ಲಿ ವಿದ್ಯುತ್ ಸರಬರಾಜಿನಲ್ಲಿ ವ್ಯತ್ಯಯ ಉಂಟಾಗಲಿದೆ ಎಂದು ಕೆಪಿಟಿಸಿಎಲ್ ಸಹಾಯಕ ಕಾರ್ಯನಿರ್ವಾಹಕ ಎಂಜಿನಿಯರ್ ಪ್ರಕಟಣೆಯಲ್ಲಿ ತಿಳಿಸಿದ್ದಾರೆ. ಗ್ರಾಹಕರು ಸಹಕರಿಸುವಂತೆ ಕೋರಲಾಗಿದೆ.
C
M
Y
K
C
M
Y
K
